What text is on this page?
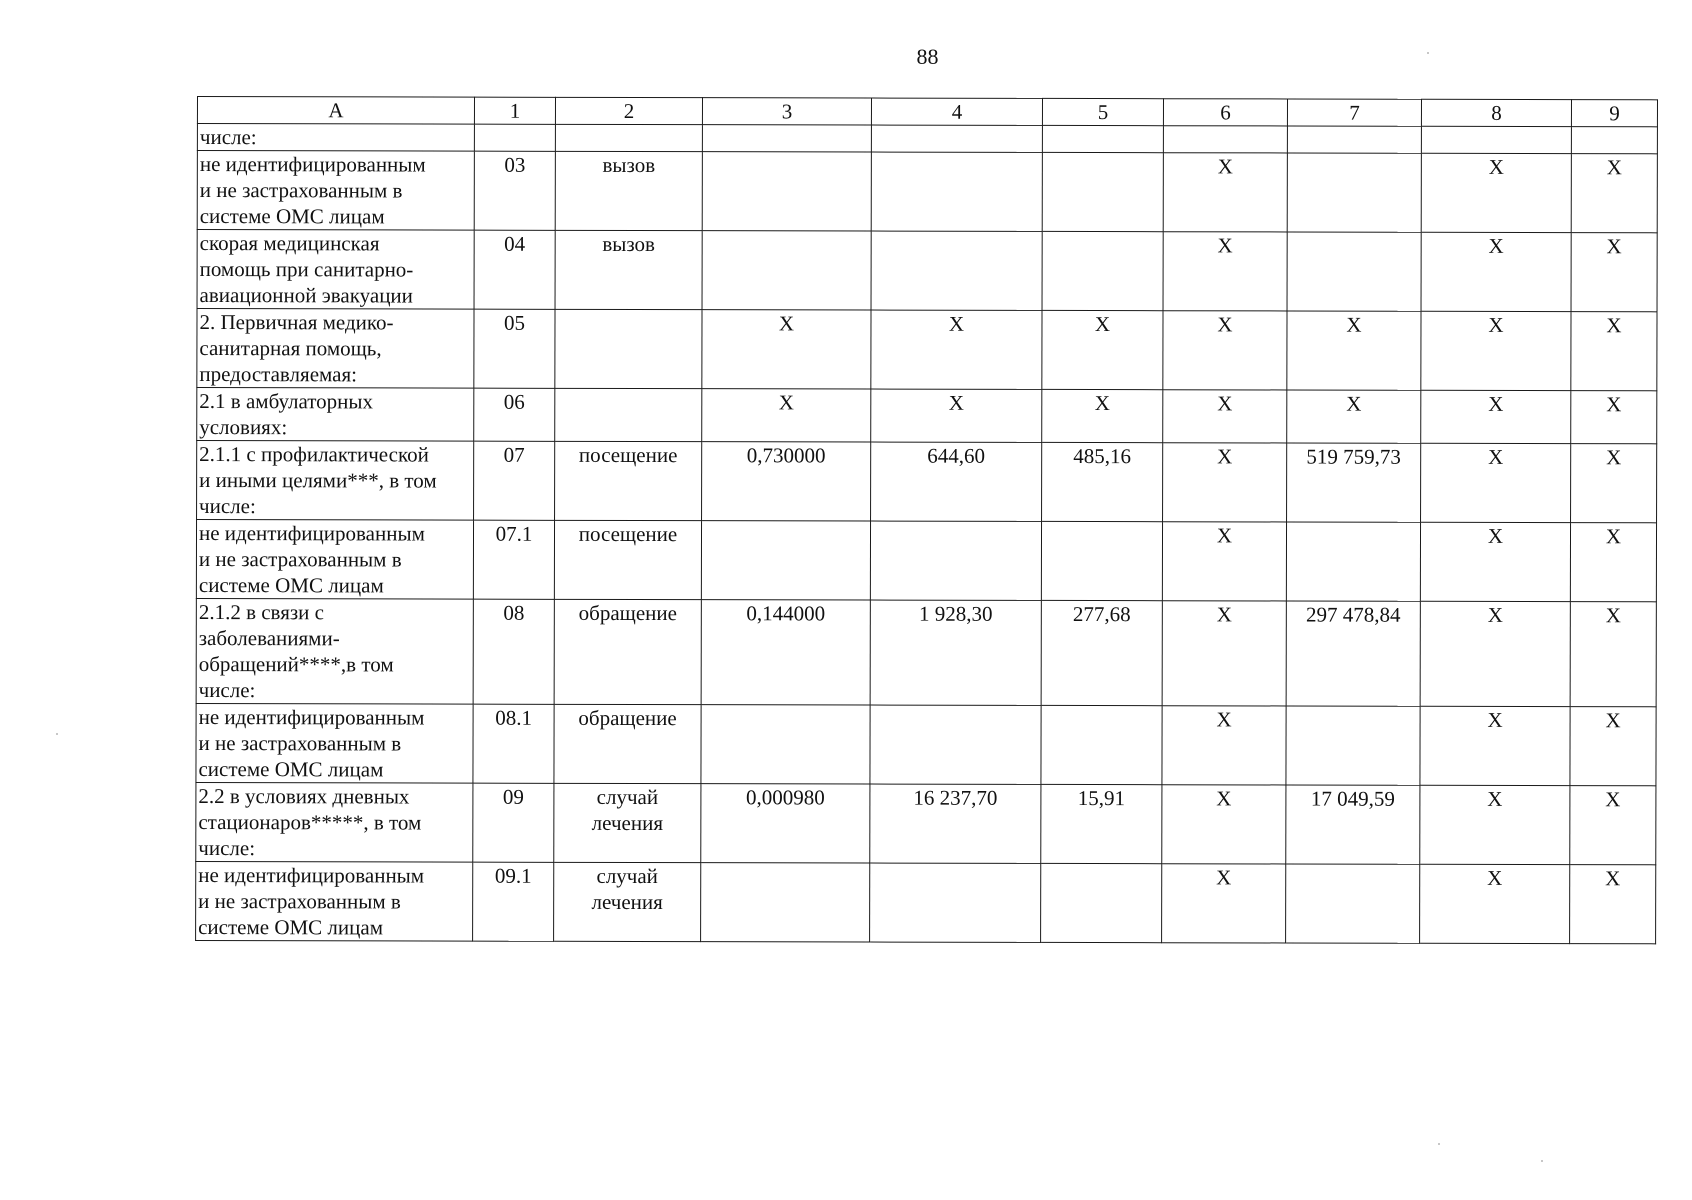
88
A	1	2	3	4	5	6	7	8	9

числе:									

не идентифицированным
и не застрахованным в
системе ОМС лицам	03	вызов				Х		Х	Х

скорая медицинская
помощь при санитарно-
авиационной эвакуации	04	вызов				Х		Х	Х

2. Первичная медико-
санитарная помощь,
предоставляемая:	05		Х	Х	Х	Х	Х	Х	Х

2.1 в амбулаторных
условиях:	06		Х	Х	Х	Х	Х	Х	Х

2.1.1 с профилактической
и иными целями***, в том
числе:	07	посещение	0,730000	644,60	485,16	Х	519 759,73	Х	Х

не идентифицированным
и не застрахованным в
системе ОМС лицам	07.1	посещение				Х		Х	Х

2.1.2 в связи с
заболеваниями-
обращений****,в том
числе:	08	обращение	0,144000	1 928,30	277,68	Х	297 478,84	Х	Х

не идентифицированным
и не застрахованным в
системе ОМС лицам	08.1	обращение				Х		Х	Х

2.2 в условиях дневных
стационаров*****, в том
числе:	09	случай
лечения	0,000980	16 237,70	15,91	Х	17 049,59	Х	Х

не идентифицированным
и не застрахованным в
системе ОМС лицам	09.1	случай
лечения				Х		Х	Х
